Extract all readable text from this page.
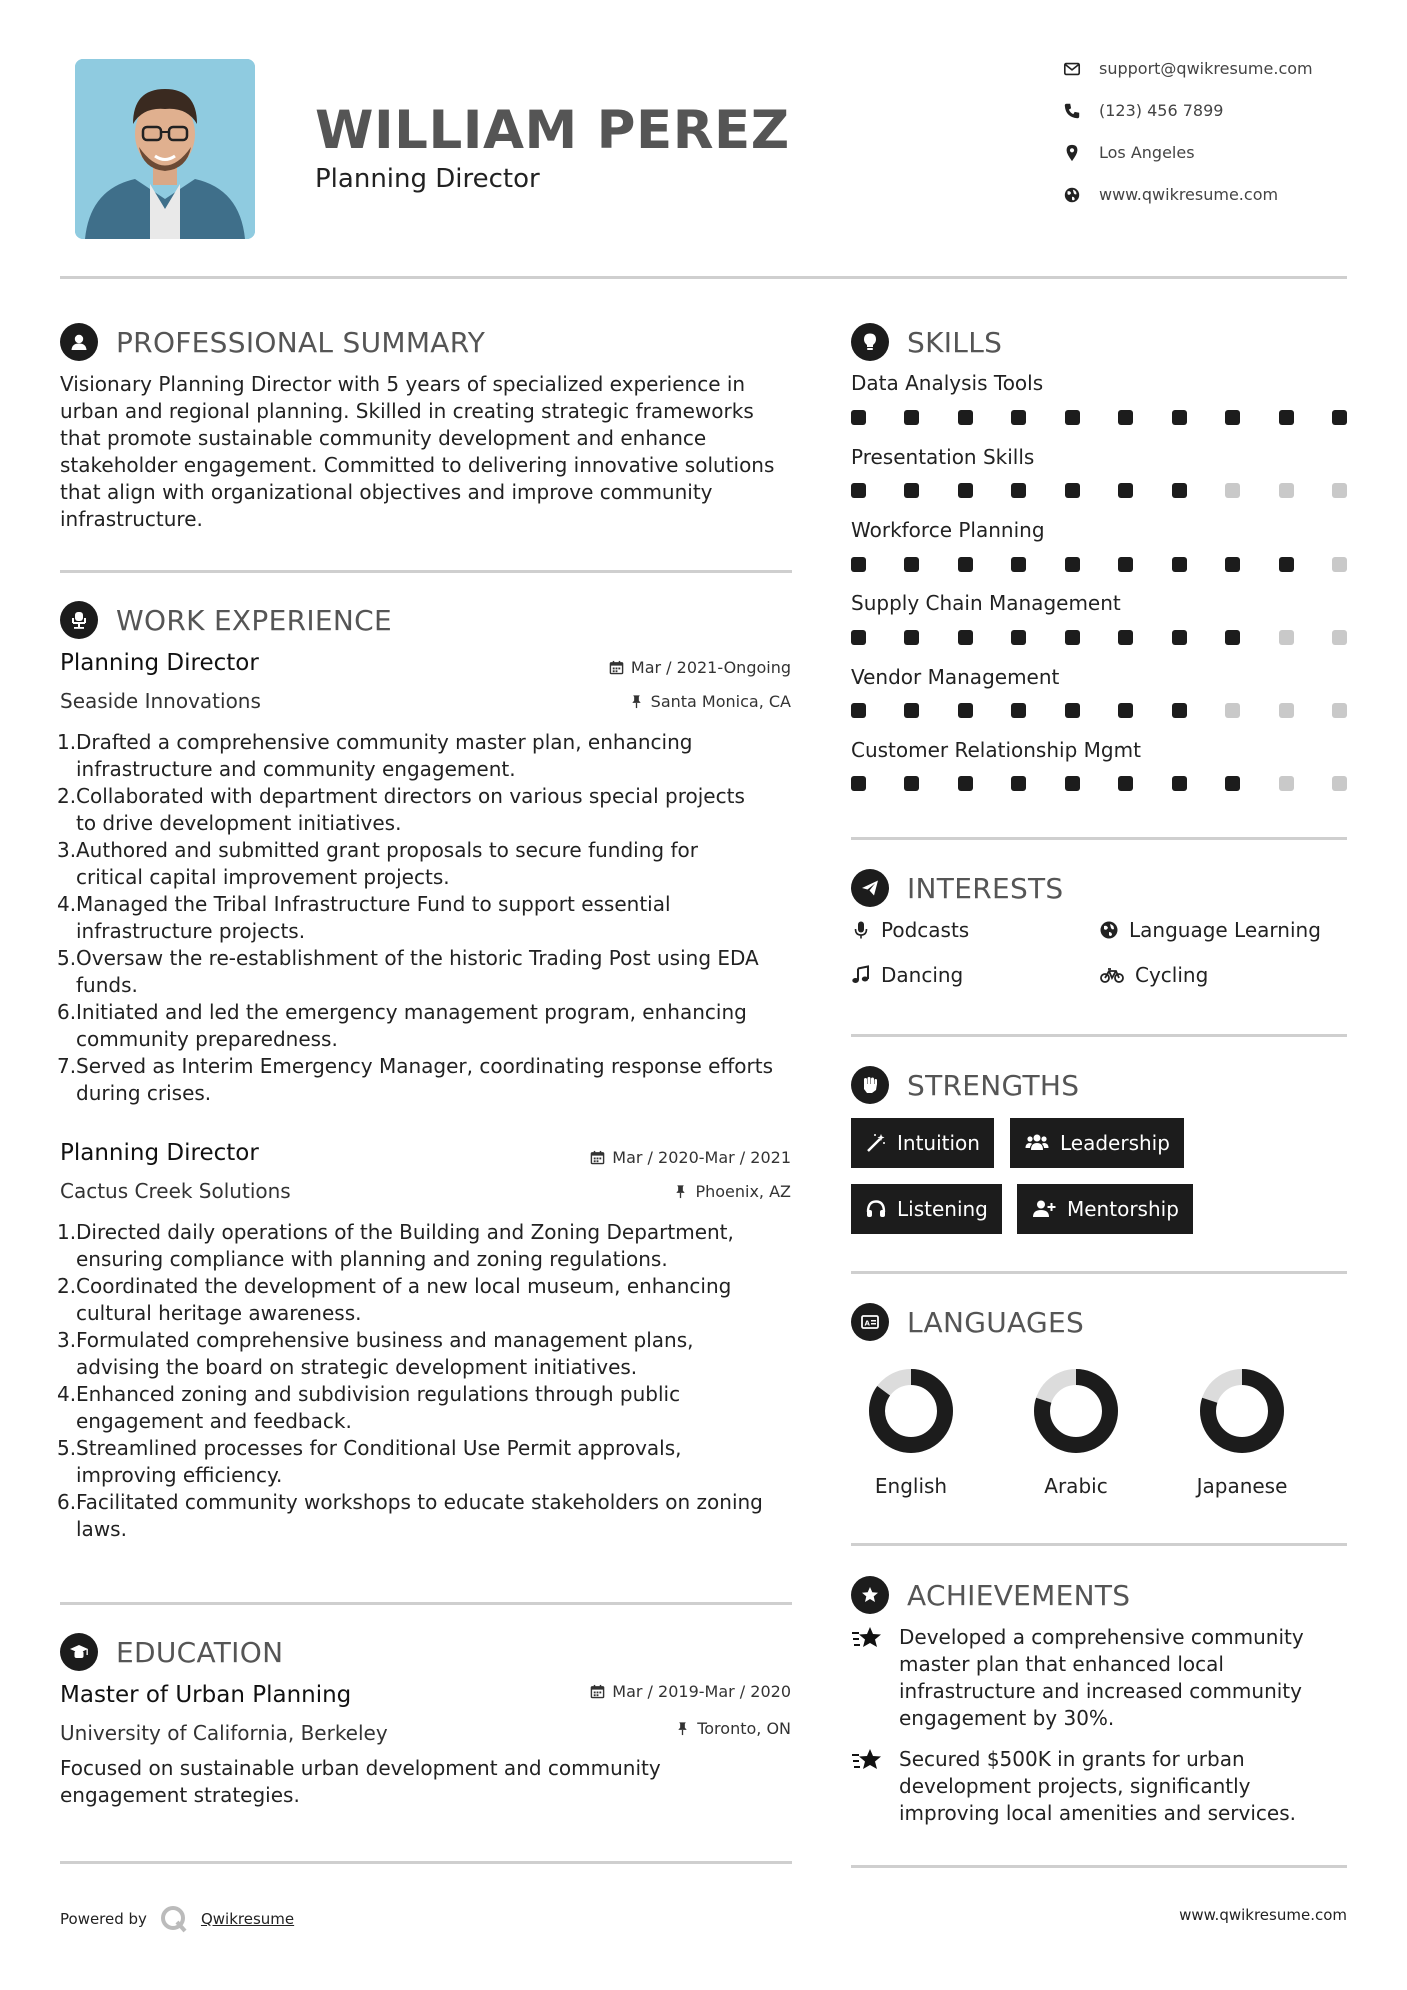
WILLIAM PEREZ
Planning Director
support@qwikresume.com
(123) 456 7899
Los Angeles
www.qwikresume.com
PROFESSIONAL SUMMARY
Visionary Planning Director with 5 years of specialized experience in
urban and regional planning. Skilled in creating strategic frameworks
that promote sustainable community development and enhance
stakeholder engagement. Committed to delivering innovative solutions
that align with organizational objectives and improve community
infrastructure.
WORK EXPERIENCE
Planning Director
Seaside Innovations
Mar / 2021-Ongoing
Santa Monica, CA
1. Drafted a comprehensive community master plan, enhancing
infrastructure and community engagement.
2. Collaborated with department directors on various special projects
to drive development initiatives.
3. Authored and submitted grant proposals to secure funding for
critical capital improvement projects.
4. Managed the Tribal Infrastructure Fund to support essential
infrastructure projects.
5. Oversaw the re-establishment of the historic Trading Post using EDA
funds.
6. Initiated and led the emergency management program, enhancing
community preparedness.
7. Served as Interim Emergency Manager, coordinating response efforts
during crises.
Planning Director
Cactus Creek Solutions
Mar / 2020-Mar / 2021
Phoenix, AZ
1. Directed daily operations of the Building and Zoning Department,
ensuring compliance with planning and zoning regulations.
2. Coordinated the development of a new local museum, enhancing
cultural heritage awareness.
3. Formulated comprehensive business and management plans,
advising the board on strategic development initiatives.
4. Enhanced zoning and subdivision regulations through public
engagement and feedback.
5. Streamlined processes for Conditional Use Permit approvals,
improving efficiency.
6. Facilitated community workshops to educate stakeholders on zoning
laws.
EDUCATION
Master of Urban Planning
University of California, Berkeley
Mar / 2019-Mar / 2020
Toronto, ON
Focused on sustainable urban development and community
engagement strategies.
SKILLS
Data Analysis Tools
Presentation Skills
Workforce Planning
Supply Chain Management
Vendor Management
Customer Relationship Mgmt
INTERESTS
Podcasts	Language Learning
Dancing	Cycling
STRENGTHS
Intuition	Leadership
Listening	Mentorship
A LANGUAGES
English	Arabic	Japanese
ACHIEVEMENTS
Developed a comprehensive community
master plan that enhanced local
infrastructure and increased community
engagement by 30%.
Secured $500K in grants for urban
development projects, significantly
improving local amenities and services.
Powered by	Qwikresume	www.qwikresume.com
